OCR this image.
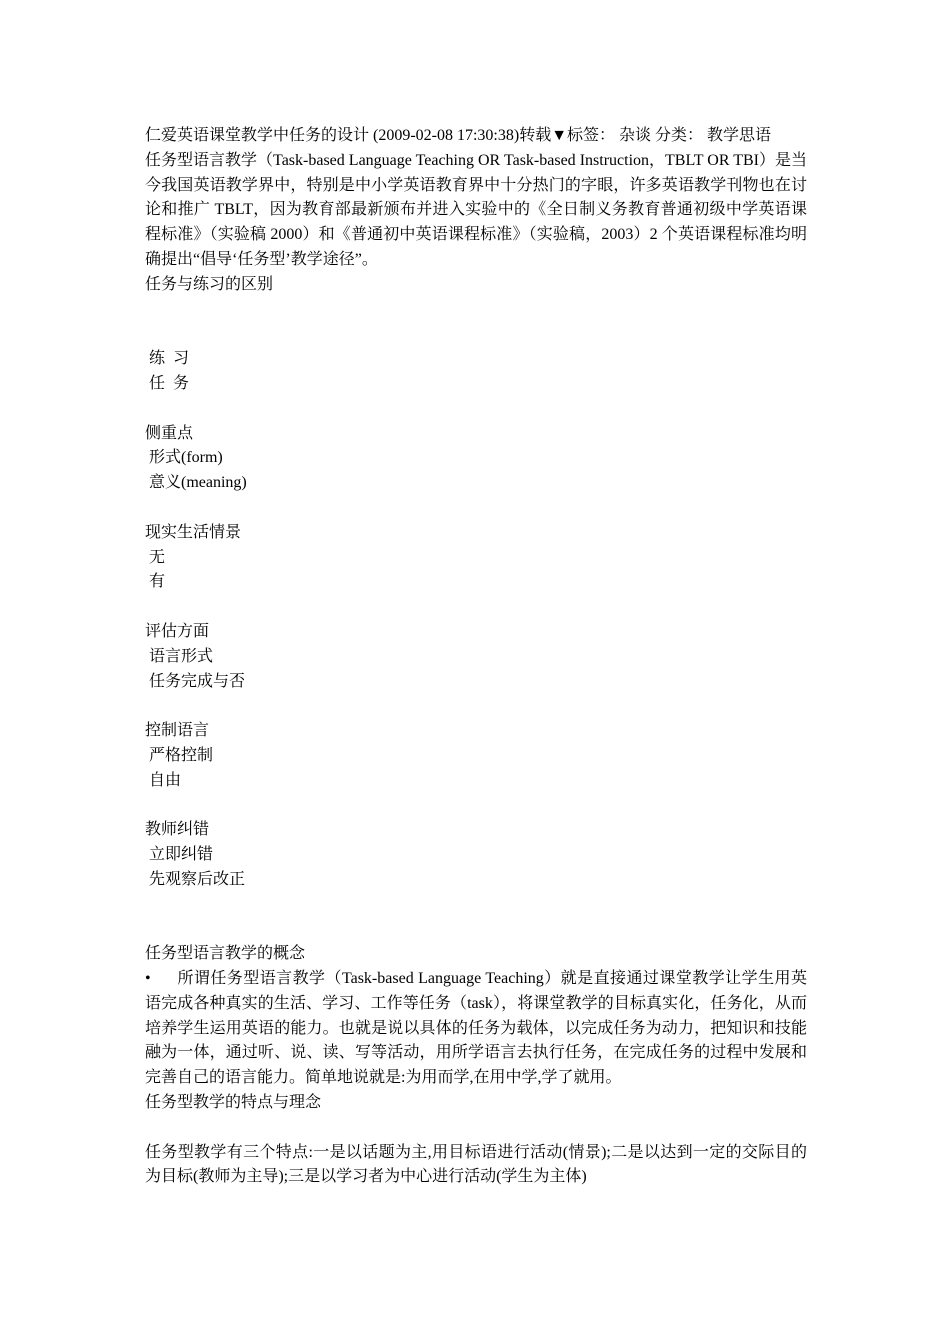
仁爱英语课堂教学中任务的设计 (2009-02-08 17:30:38)转载▼标签： 杂谈 分类： 教学思语

任务型语言教学（Task-based Language Teaching OR Task-based Instruction，TBLT OR TBI）是当今我国英语教学界中，特别是中小学英语教育界中十分热门的字眼，许多英语教学刊物也在讨论和推广 TBLT，因为教育部最新颁布并进入实验中的《全日制义务教育普通初级中学英语课程标准》（实验稿 2000）和《普通初中英语课程标准》（实验稿，2003）2 个英语课程标准均明确提出“倡导‘任务型’教学途径”。

任务与练习的区别

练  习

任  务

侧重点

形式(form)

意义(meaning)

现实生活情景

无

有

评估方面

语言形式

任务完成与否

控制语言

严格控制

自由

教师纠错

立即纠错

先观察后改正

任务型语言教学的概念

• 所谓任务型语言教学（Task-based Language Teaching）就是直接通过课堂教学让学生用英语完成各种真实的生活、学习、工作等任务（task），将课堂教学的目标真实化，任务化，从而培养学生运用英语的能力。也就是说以具体的任务为载体，以完成任务为动力，把知识和技能融为一体，通过听、说、读、写等活动，用所学语言去执行任务，在完成任务的过程中发展和完善自己的语言能力。简单地说就是:为用而学,在用中学,学了就用。

任务型教学的特点与理念

任务型教学有三个特点:一是以话题为主,用目标语进行活动(情景);二是以达到一定的交际目的为目标(教师为主导);三是以学习者为中心进行活动(学生为主体)
